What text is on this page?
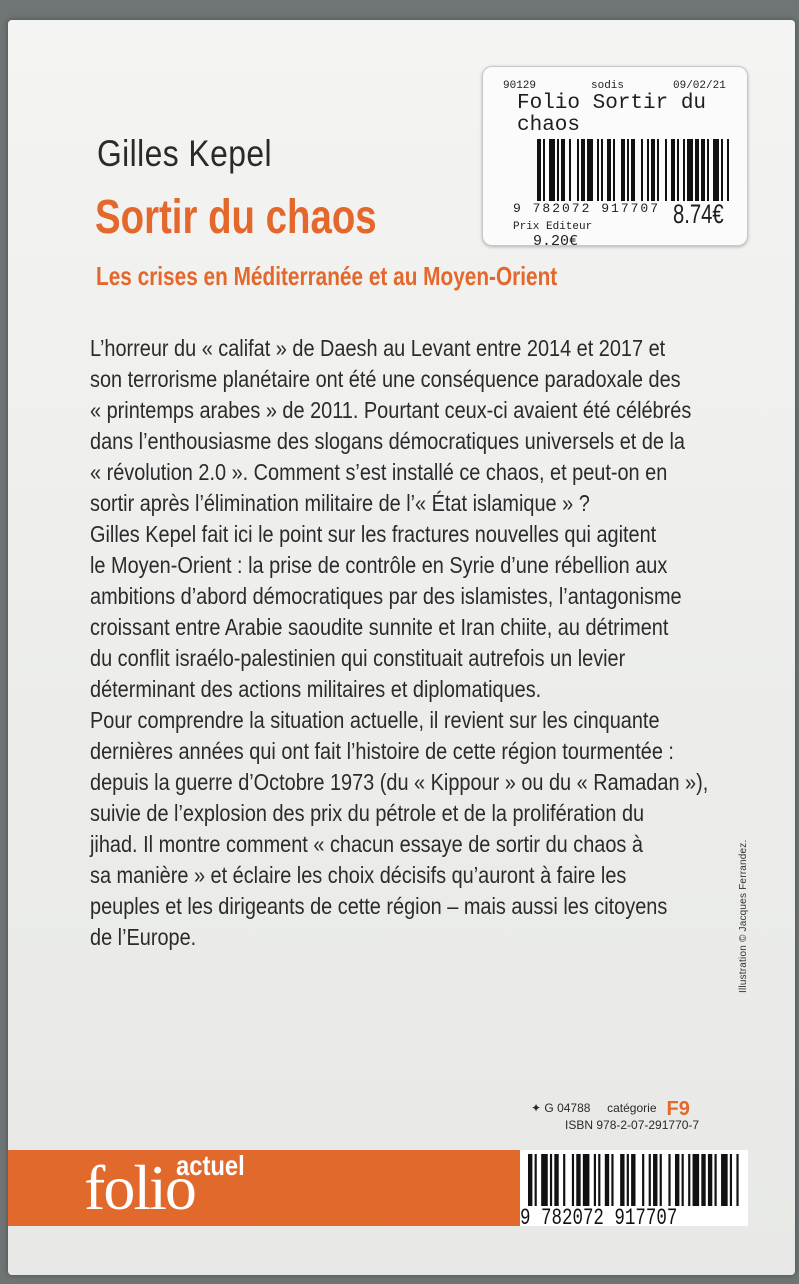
90129	sodis	09/02/21
Folio Sortir du chaos
9 782072 917707
Prix Editeur
9.20€
8.74€
Gilles Kepel
Sortir du chaos
Les crises en Méditerranée et au Moyen-Orient
L’horreur du « califat » de Daesh au Levant entre 2014 et 2017 et
son terrorisme planétaire ont été une conséquence paradoxale des
« printemps arabes » de 2011. Pourtant ceux-ci avaient été célébrés
dans l’enthousiasme des slogans démocratiques universels et de la
« révolution 2.0 ». Comment s’est installé ce chaos, et peut-on en
sortir après l’élimination militaire de l’« État islamique » ?
Gilles Kepel fait ici le point sur les fractures nouvelles qui agitent
le Moyen-Orient : la prise de contrôle en Syrie d’une rébellion aux
ambitions d’abord démocratiques par des islamistes, l’antagonisme
croissant entre Arabie saoudite sunnite et Iran chiite, au détriment
du conflit israélo-palestinien qui constituait autrefois un levier
déterminant des actions militaires et diplomatiques.
Pour comprendre la situation actuelle, il revient sur les cinquante
dernières années qui ont fait l’histoire de cette région tourmentée :
depuis la guerre d’Octobre 1973 (du « Kippour » ou du « Ramadan »),
suivie de l’explosion des prix du pétrole et de la prolifération du
jihad. Il montre comment « chacun essaye de sortir du chaos à
sa manière » et éclaire les choix décisifs qu’auront à faire les
peuples et les dirigeants de cette région – mais aussi les citoyens
de l’Europe.	Illustration © Jacques Ferrandez.
✦ G 04788 catégorie F9
ISBN 978-2-07-291770-7
folio
actuel
9 782072 917707
